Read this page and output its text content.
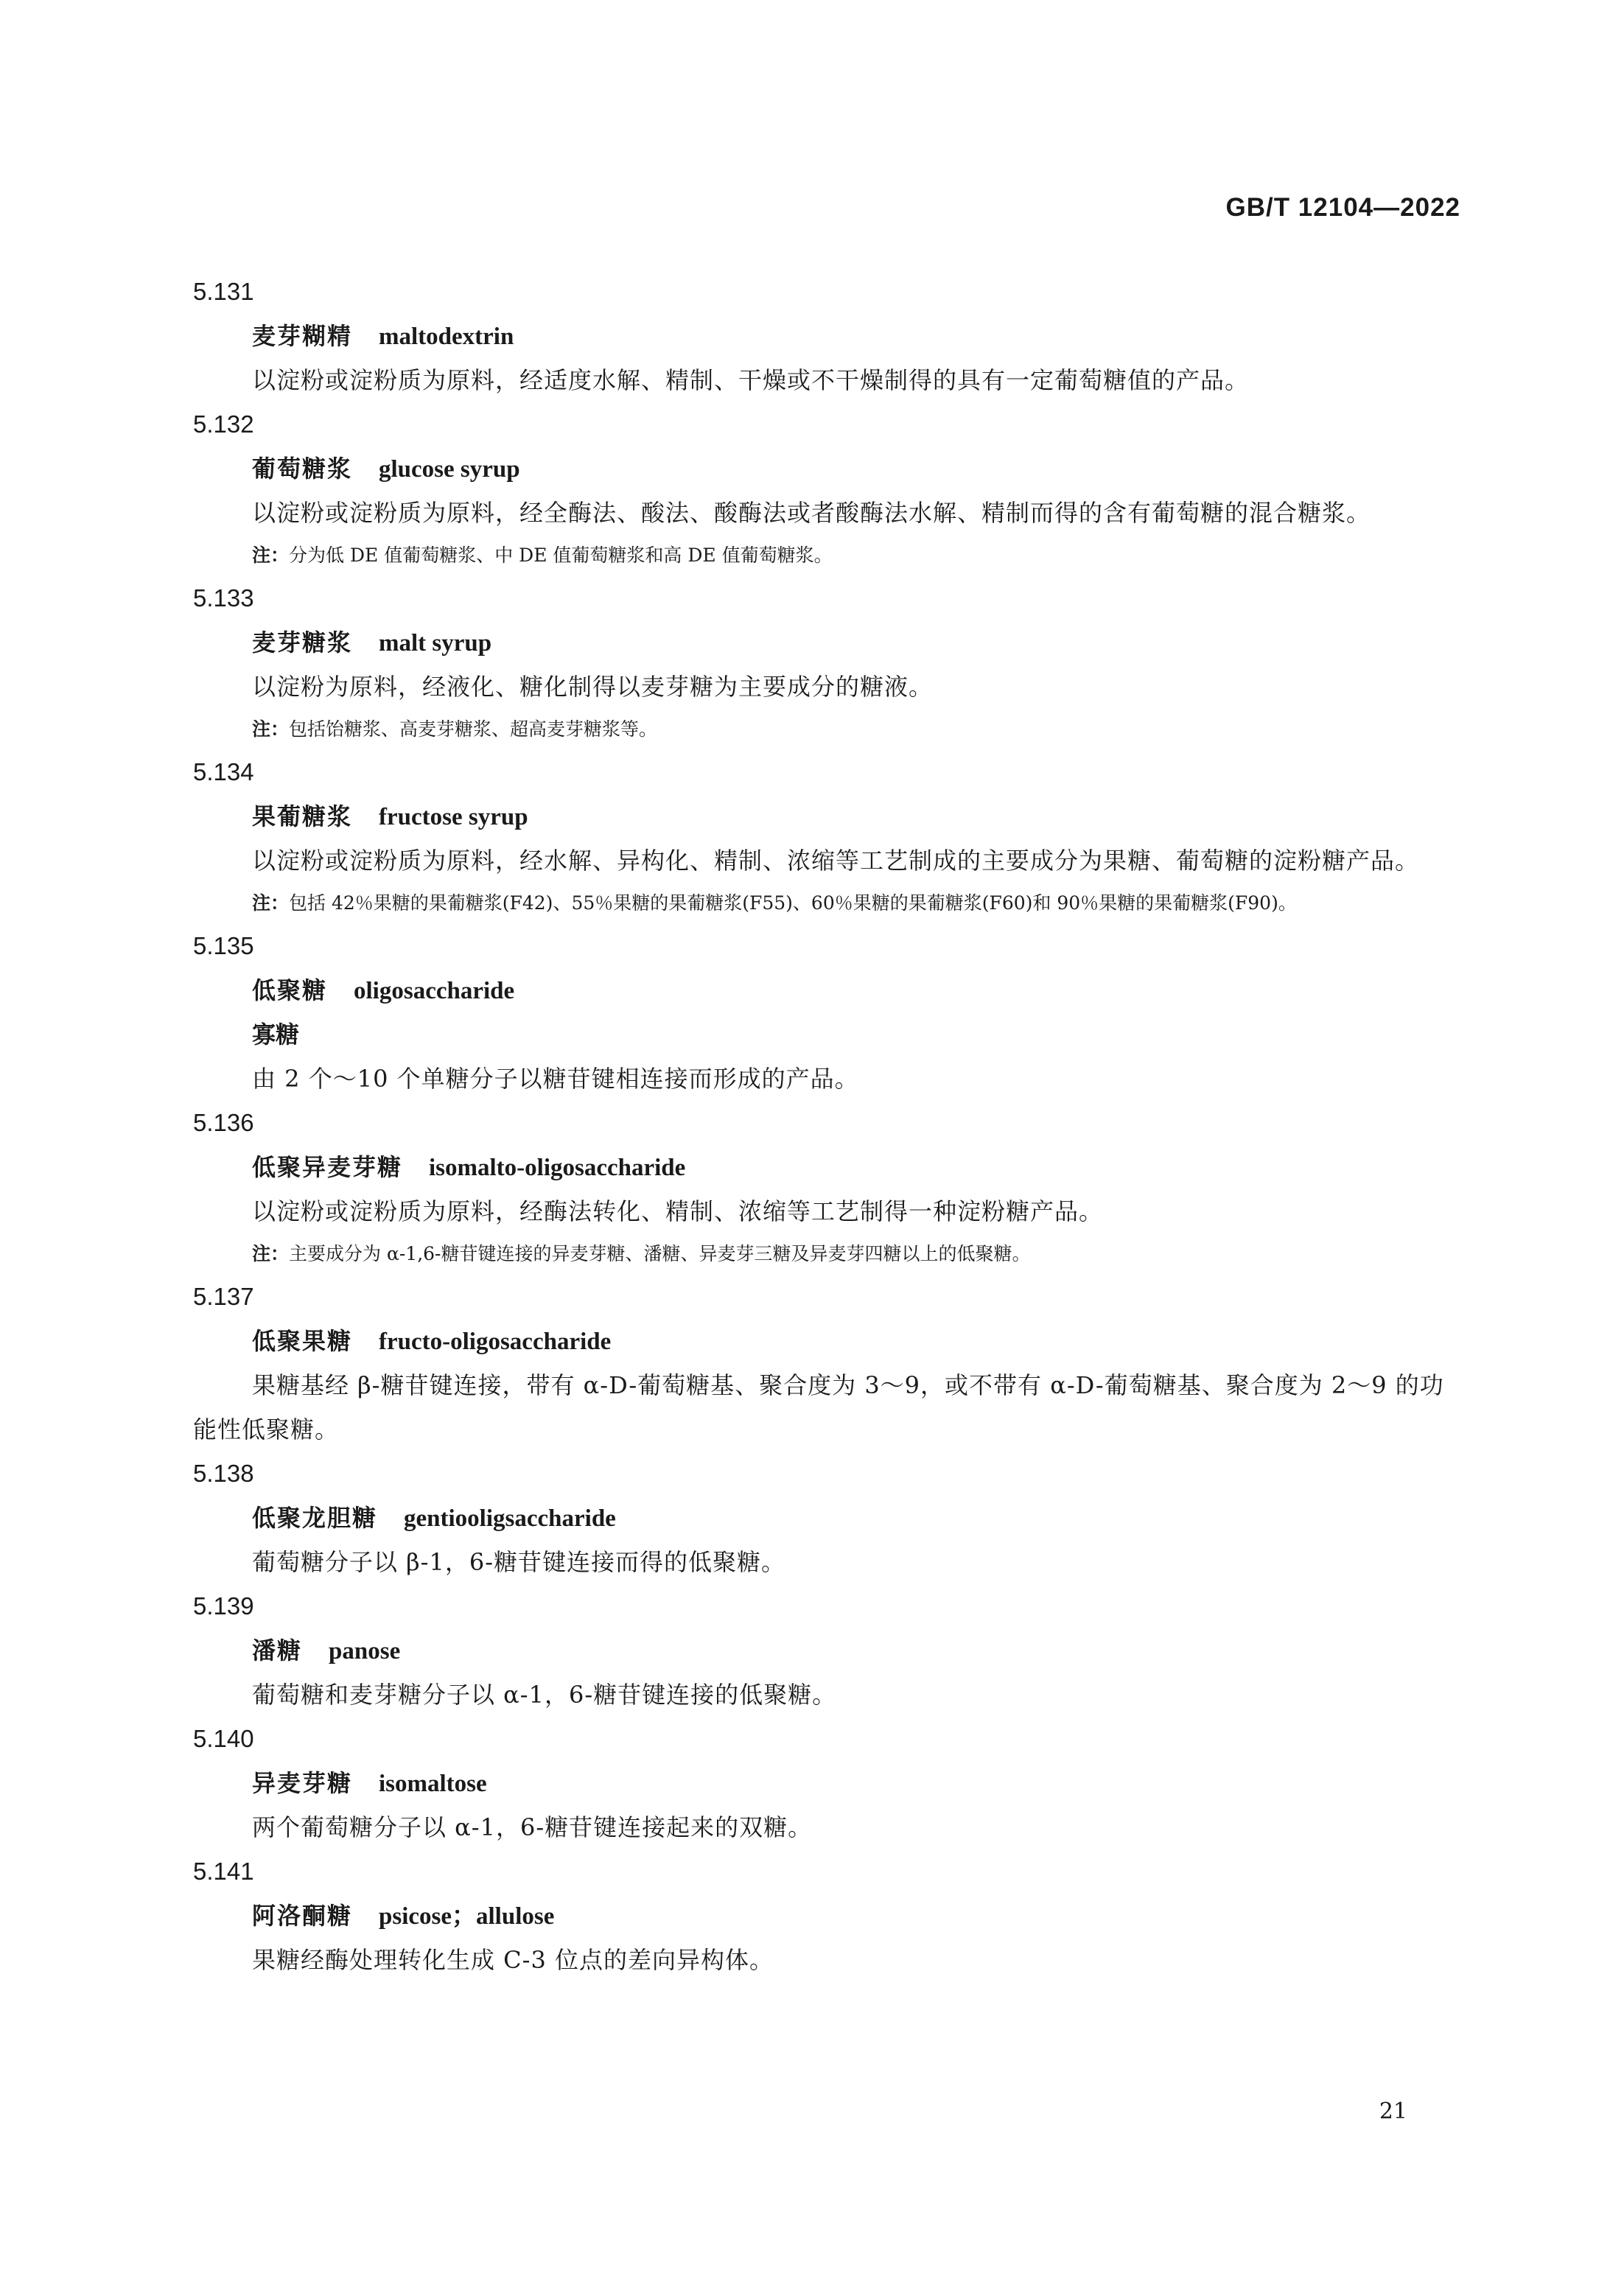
GB/T 12104—2022
5.131
麦芽糊精 maltodextrin
以淀粉或淀粉质为原料，经适度水解、精制、干燥或不干燥制得的具有一定葡萄糖值的产品。
5.132
葡萄糖浆 glucose syrup
以淀粉或淀粉质为原料，经全酶法、酸法、酸酶法或者酸酶法水解、精制而得的含有葡萄糖的混合糖浆。
注：分为低 DE 值葡萄糖浆、中 DE 值葡萄糖浆和高 DE 值葡萄糖浆。
5.133
麦芽糖浆 malt syrup
以淀粉为原料，经液化、糖化制得以麦芽糖为主要成分的糖液。
注：包括饴糖浆、高麦芽糖浆、超高麦芽糖浆等。
5.134
果葡糖浆 fructose syrup
以淀粉或淀粉质为原料，经水解、异构化、精制、浓缩等工艺制成的主要成分为果糖、葡萄糖的淀粉糖产品。
注：包括 42％果糖的果葡糖浆(F42)、55％果糖的果葡糖浆(F55)、60％果糖的果葡糖浆(F60)和 90％果糖的果葡糖浆(F90)。
5.135
低聚糖 oligosaccharide
寡糖
由 2 个～10 个单糖分子以糖苷键相连接而形成的产品。
5.136
低聚异麦芽糖 isomalto-oligosaccharide
以淀粉或淀粉质为原料，经酶法转化、精制、浓缩等工艺制得一种淀粉糖产品。
注：主要成分为 α-1,6-糖苷键连接的异麦芽糖、潘糖、异麦芽三糖及异麦芽四糖以上的低聚糖。
5.137
低聚果糖 fructo-oligosaccharide
果糖基经 β-糖苷键连接，带有 α-D-葡萄糖基、聚合度为 3～9，或不带有 α-D-葡萄糖基、聚合度为 2～9 的功能性低聚糖。
5.138
低聚龙胆糖 gentiooligsaccharide
葡萄糖分子以 β-1，6-糖苷键连接而得的低聚糖。
5.139
潘糖 panose
葡萄糖和麦芽糖分子以 α-1，6-糖苷键连接的低聚糖。
5.140
异麦芽糖 isomaltose
两个葡萄糖分子以 α-1，6-糖苷键连接起来的双糖。
5.141
阿洛酮糖 psicose；allulose
果糖经酶处理转化生成 C-3 位点的差向异构体。
21
